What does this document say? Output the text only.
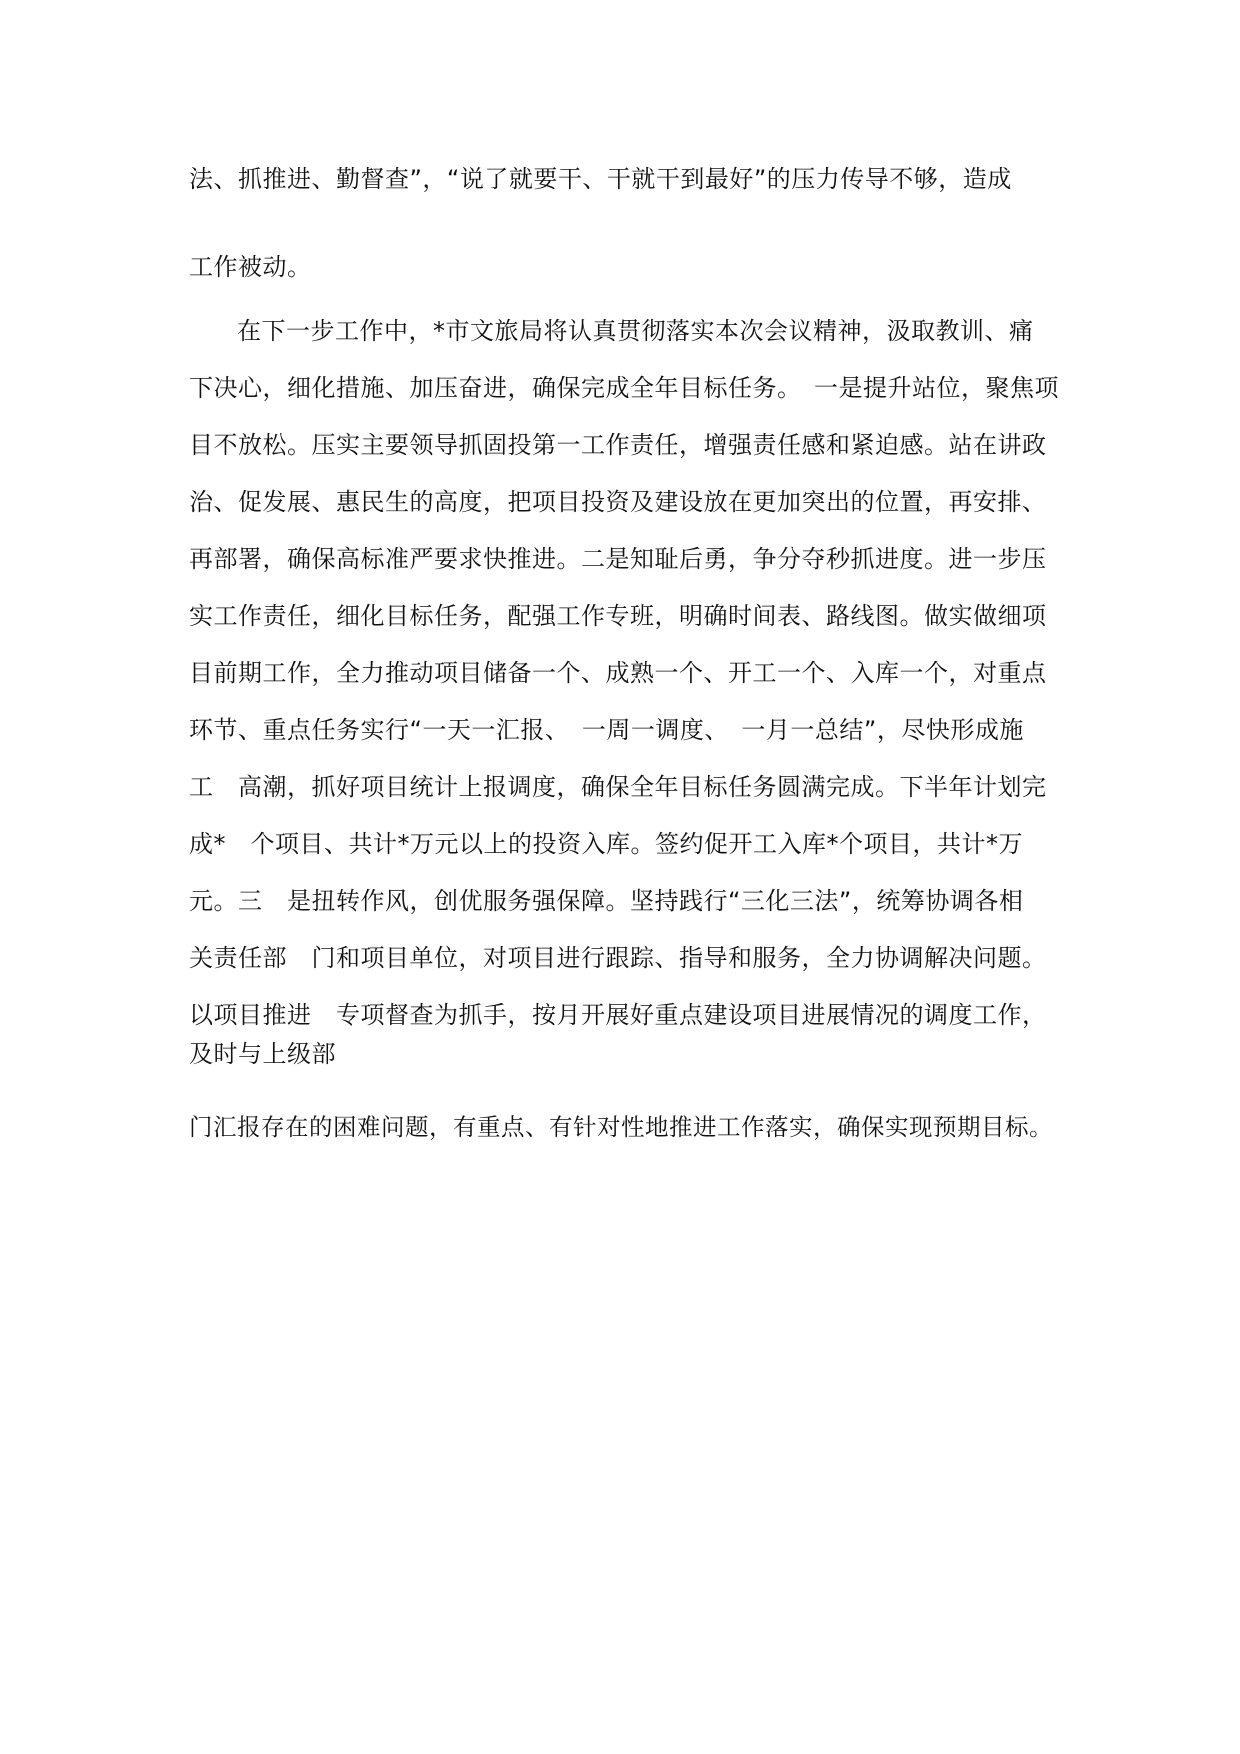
法、抓推进、勤督查”，“说了就要干、干就干到最好”的压力传导不够，造成
工作被动。
在下一步工作中，*市文旅局将认真贯彻落实本次会议精神，汲取教训、痛
下决心，细化措施、加压奋进，确保完成全年目标任务。　一是提升站位，聚焦项
目不放松。压实主要领导抓固投第一工作责任，增强责任感和紧迫感。站在讲政
治、促发展、惠民生的高度，把项目投资及建设放在更加突出的位置，再安排、
再部署，确保高标准严要求快推进。二是知耻后勇，争分夺秒抓进度。进一步压
实工作责任，细化目标任务，配强工作专班，明确时间表、路线图。做实做细项
目前期工作，全力推动项目储备一个、成熟一个、开工一个、入库一个，对重点
环节、重点任务实行“一天一汇报、　一周一调度、　一月一总结”，尽快形成施
工　高潮，抓好项目统计上报调度，确保全年目标任务圆满完成。下半年计划完
成*　个项目、共计*万元以上的投资入库。签约促开工入库*个项目，共计*万
元。三　是扭转作风，创优服务强保障。坚持践行“三化三法”，统筹协调各相
关责任部　门和项目单位，对项目进行跟踪、指导和服务，全力协调解决问题。
以项目推进　专项督查为抓手，按月开展好重点建设项目进展情况的调度工作，
及时与上级部
门汇报存在的困难问题，有重点、有针对性地推进工作落实，确保实现预期目标。
